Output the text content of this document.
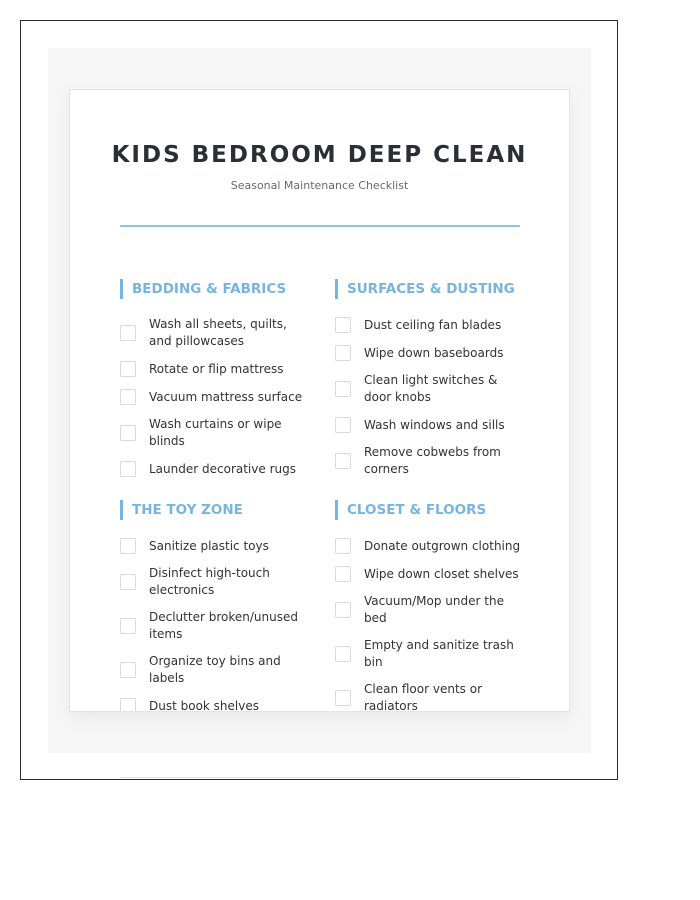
KIDS BEDROOM DEEP CLEAN
Seasonal Maintenance Checklist
BEDDING & FABRICS
Wash all sheets, quilts, and pillowcases
Rotate or flip mattress
Vacuum mattress surface
Wash curtains or wipe blinds
Launder decorative rugs
SURFACES & DUSTING
Dust ceiling fan blades
Wipe down baseboards
Clean light switches & door knobs
Wash windows and sills
Remove cobwebs from corners
THE TOY ZONE
Sanitize plastic toys
Disinfect high-touch electronics
Declutter broken/unused items
Organize toy bins and labels
Dust book shelves
CLOSET & FLOORS
Donate outgrown clothing
Wipe down closet shelves
Vacuum/Mop under the bed
Empty and sanitize trash bin
Clean floor vents or radiators
